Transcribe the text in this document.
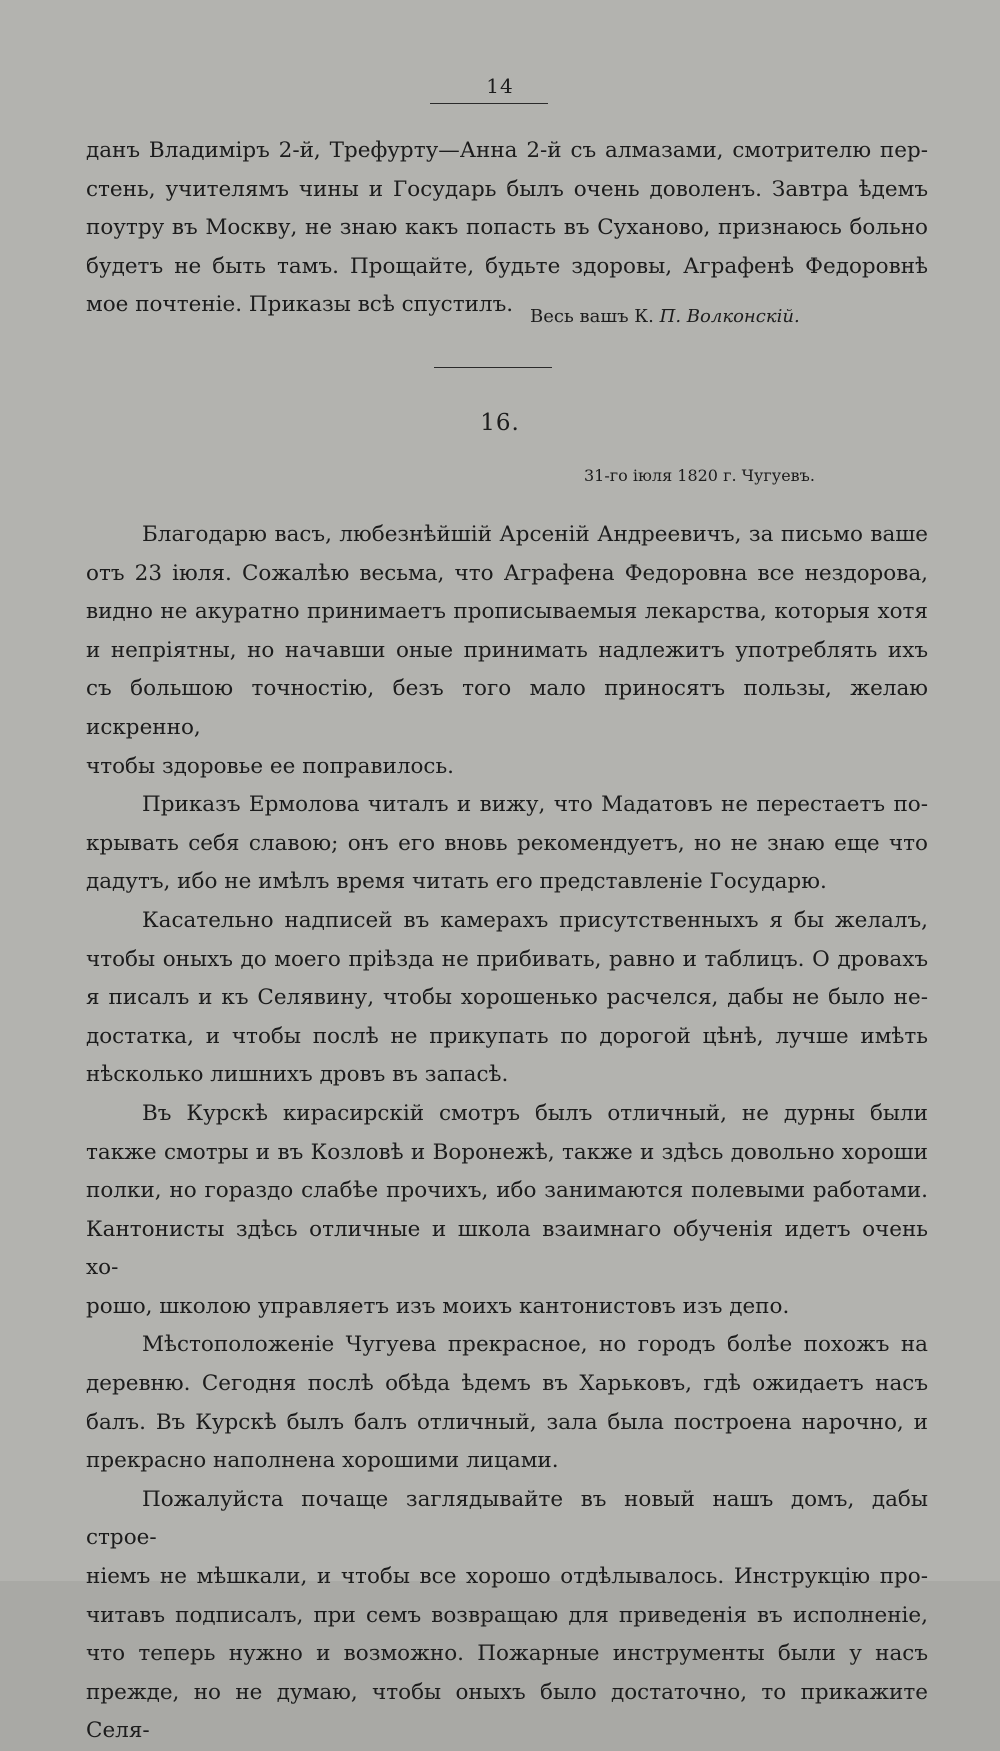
14

данъ Владиміръ 2-й, Трефурту—Анна 2-й съ алмазами, смотрителю пер-

стень, учителямъ чины и Государь былъ очень доволенъ. Завтра ѣдемъ

поутру въ Москву, не знаю какъ попасть въ Суханово, признаюсь больно

будетъ не быть тамъ. Прощайте, будьте здоровы, Аграфенѣ Федоровнѣ

мое почтеніе. Приказы всѣ спустилъ. Весь вашъ К. П. Волконскій.
16.
31-го іюля 1820 г. Чугуевъ.

Благодарю васъ, любезнѣйшій Арсеній Андреевичъ, за письмо ваше

отъ 23 іюля. Сожалѣю весьма, что Аграфена Федоровна все нездорова,

видно не акуратно принимаетъ прописываемыя лекарства, которыя хотя

и непріятны, но начавши оные принимать надлежитъ употреблять ихъ

съ большою точностію, безъ того мало приносятъ пользы, желаю искренно,

чтобы здоровье ее поправилось.

Приказъ Ермолова читалъ и вижу, что Мадатовъ не перестаетъ по-

крывать себя славою; онъ его вновь рекомендуетъ, но не знаю еще что

дадутъ, ибо не имѣлъ время читать его представленіе Государю.

Касательно надписей въ камерахъ присутственныхъ я бы желалъ,

чтобы оныхъ до моего пріѣзда не прибивать, равно и таблицъ. О дровахъ

я писалъ и къ Селявину, чтобы хорошенько расчелся, дабы не было не-

достатка, и чтобы послѣ не прикупать по дорогой цѣнѣ, лучше имѣть

нѣсколько лишнихъ дровъ въ запасѣ.

Въ Курскѣ кирасирскій смотръ былъ отличный, не дурны были

также смотры и въ Козловѣ и Воронежѣ, также и здѣсь довольно хороши

полки, но гораздо слабѣе прочихъ, ибо занимаются полевыми работами.

Кантонисты здѣсь отличные и школа взаимнаго обученія идетъ очень хо-

рошо, школою управляетъ изъ моихъ кантонистовъ изъ депо.

Мѣстоположеніе Чугуева прекрасное, но городъ болѣе похожъ на

деревню. Сегодня послѣ обѣда ѣдемъ въ Харьковъ, гдѣ ожидаетъ насъ

балъ. Въ Курскѣ былъ балъ отличный, зала была построена нарочно, и

прекрасно наполнена хорошими лицами.

Пожалуйста почаще заглядывайте въ новый нашъ домъ, дабы строе-

ніемъ не мѣшкали, и чтобы все хорошо отдѣлывалось. Инструкцію про-

читавъ подписалъ, при семъ возвращаю для приведенія въ исполненіе,

что теперь нужно и возможно. Пожарные инструменты были у насъ

прежде, но не думаю, чтобы оныхъ было достаточно, то прикажите Селя-
